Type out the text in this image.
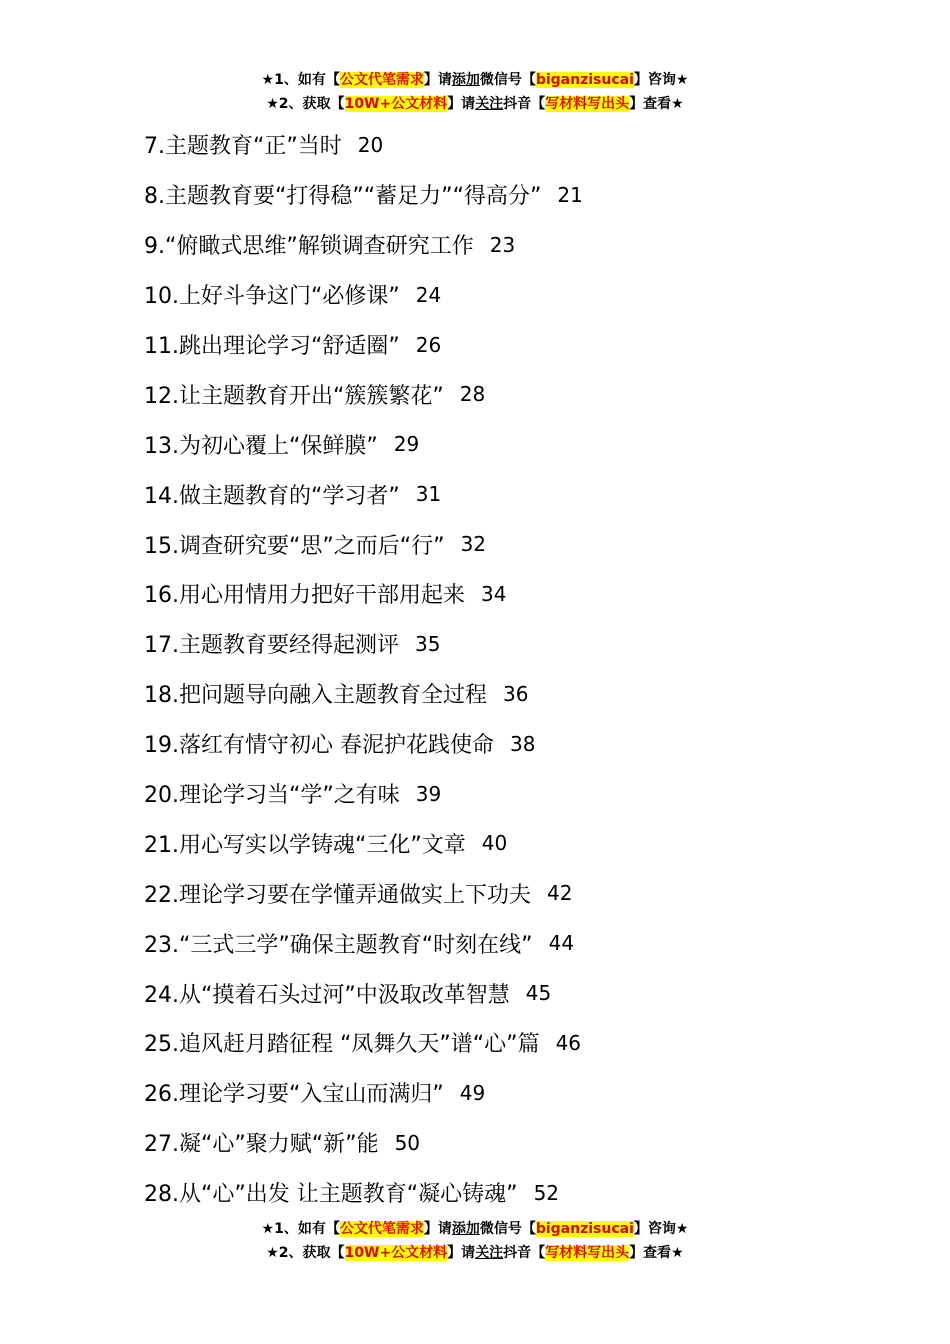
★1、如有【公文代笔需求】请添加微信号【biganzisucai】咨询★
★2、获取【10W+公文材料】请关注抖音【写材料写出头】查看★
7.主题教育“正”当时 20
8.主题教育要“打得稳”“蓄足力”“得高分” 21
9.“俯瞰式思维”解锁调查研究工作 23
10.上好斗争这门“必修课” 24
11.跳出理论学习“舒适圈” 26
12.让主题教育开出“簇簇繁花” 28
13.为初心覆上“保鲜膜” 29
14.做主题教育的“学习者” 31
15.调查研究要“思”之而后“行” 32
16.用心用情用力把好干部用起来 34
17.主题教育要经得起测评 35
18.把问题导向融入主题教育全过程 36
19.落红有情守初心 春泥护花践使命 38
20.理论学习当“学”之有味 39
21.用心写实以学铸魂“三化”文章 40
22.理论学习要在学懂弄通做实上下功夫 42
23.“三式三学”确保主题教育“时刻在线” 44
24.从“摸着石头过河”中汲取改革智慧 45
25.追风赶月踏征程 “凤舞久天”谱“心”篇 46
26.理论学习要“入宝山而满归” 49
27.凝“心”聚力赋“新”能 50
28.从“心”出发 让主题教育“凝心铸魂” 52
★1、如有【公文代笔需求】请添加微信号【biganzisucai】咨询★
★2、获取【10W+公文材料】请关注抖音【写材料写出头】查看★
